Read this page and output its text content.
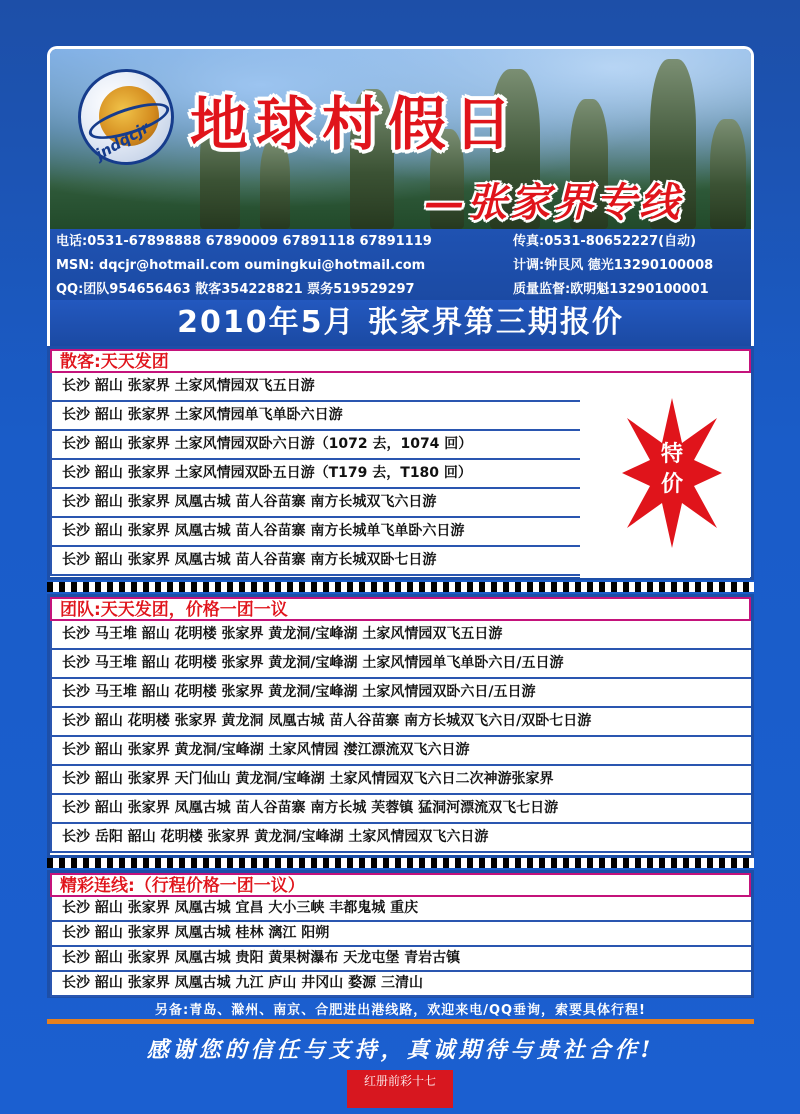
jndqcjr 地球村假日
—张家界专线
电话:0531-67898888 67890009 67891118 67891119
MSN: dqcjr@hotmail.com oumingkui@hotmail.com
QQ:团队954656463 散客354228821 票务519529297
传真:0531-80652227(自动)
计调:钟艮风 德光13290100008
质量监督:欧明魁13290100001
2010年5月 张家界第三期报价
散客:天天发团
长沙 韶山 张家界 土家风情园双飞五日游
长沙 韶山 张家界 土家风情园单飞单卧六日游
长沙 韶山 张家界 土家风情园双卧六日游（1072 去，1074 回）
长沙 韶山 张家界 土家风情园双卧五日游（T179 去，T180 回）
长沙 韶山 张家界 凤凰古城 苗人谷苗寨 南方长城双飞六日游
长沙 韶山 张家界 凤凰古城 苗人谷苗寨 南方长城单飞单卧六日游
长沙 韶山 张家界 凤凰古城 苗人谷苗寨 南方长城双卧七日游
特价
团队:天天发团，价格一团一议
长沙 马王堆 韶山 花明楼 张家界 黄龙洞/宝峰湖 土家风情园双飞五日游
长沙 马王堆 韶山 花明楼 张家界 黄龙洞/宝峰湖 土家风情园单飞单卧六日/五日游
长沙 马王堆 韶山 花明楼 张家界 黄龙洞/宝峰湖 土家风情园双卧六日/五日游
长沙 韶山 花明楼 张家界 黄龙洞 凤凰古城 苗人谷苗寨 南方长城双飞六日/双卧七日游
长沙 韶山 张家界 黄龙洞/宝峰湖 土家风情园 漤江漂流双飞六日游
长沙 韶山 张家界 天门仙山 黄龙洞/宝峰湖 土家风情园双飞六日二次神游张家界
长沙 韶山 张家界 凤凰古城 苗人谷苗寨 南方长城 芙蓉镇 猛洞河漂流双飞七日游
长沙 岳阳 韶山 花明楼 张家界 黄龙洞/宝峰湖 土家风情园双飞六日游
精彩连线:（行程价格一团一议）
长沙 韶山 张家界 凤凰古城 宜昌 大小三峡 丰都鬼城 重庆
长沙 韶山 张家界 凤凰古城 桂林 漓江 阳朔
长沙 韶山 张家界 凤凰古城 贵阳 黄果树瀑布 天龙屯堡 青岩古镇
长沙 韶山 张家界 凤凰古城 九江 庐山 井冈山 婺源 三清山
另备:青岛、滁州、南京、合肥进出港线路，欢迎来电/QQ垂询，索要具体行程!
感谢您的信任与支持，真诚期待与贵社合作!
红册前彩十七
